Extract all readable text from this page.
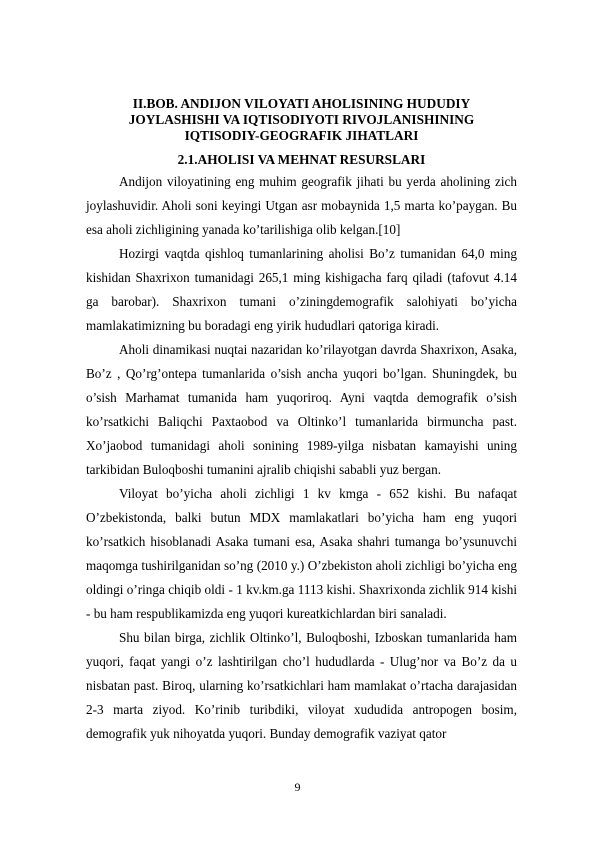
II.BOB. ANDIJON VILOYATI AHOLISINING HUDUDIY JOYLASHISHI VA IQTISODIYOTI RIVOJLANISHINING IQTISODIY-GEOGRAFIK JIHATLARI
2.1.AHOLISI VA MEHNAT RESURSLARI

Andijon viloyatining eng muhim geografik jihati bu yerda aholining zich joylashuvidir. Aholi soni keyingi Utgan asr mobaynida 1,5 marta ko’paygan. Bu esa aholi zichligining yanada ko’tarilishiga olib kelgan.[10]

Hozirgi vaqtda qishloq tumanlarining aholisi Bo’z tumanidan 64,0 ming kishidan Shaxrixon tumanidagi 265,1 ming kishigacha farq qiladi (tafovut 4.14 ga barobar). Shaxrixon tumani o’ziningdemografik salohiyati bo’yicha mamlakatimizning bu boradagi eng yirik hududlari qatoriga kiradi.

Aholi dinamikasi nuqtai nazaridan ko’rilayotgan davrda Shaxrixon, Asaka, Bo’z , Qo’rg’ontepa tumanlarida o’sish ancha yuqori bo’lgan. Shuningdek, bu o’sish Marhamat tumanida ham yuqoriroq. Ayni vaqtda demografik o’sish ko’rsatkichi Baliqchi Paxtaobod va Oltinko’l tumanlarida birmuncha past. Xo’jaobod tumanidagi aholi sonining 1989-yilga nisbatan kamayishi uning tarkibidan Buloqboshi tumanini ajralib chiqishi sababli yuz bergan.

Viloyat bo’yicha aholi zichligi 1 kv kmga - 652 kishi. Bu nafaqat O’zbekistonda, balki butun MDX mamlakatlari bo’yicha ham eng yuqori ko’rsatkich hisoblanadi Asaka tumani esa, Asaka shahri tumanga bo’ysunuvchi maqomga tushirilganidan so’ng (2010 y.) O’zbekiston aholi zichligi bo’yicha eng oldingi o’ringa chiqib oldi - 1 kv.km.ga 1113 kishi. Shaxrixonda zichlik 914 kishi - bu ham respublikamizda eng yuqori kureatkichlardan biri sanaladi.

Shu bilan birga, zichlik Oltinko’l, Buloqboshi, Izboskan tumanlarida ham yuqori, faqat yangi o’z lashtirilgan cho’l hududlarda - Ulug’nor va Bo’z da u nisbatan past. Biroq, ularning ko’rsatkichlari ham mamlakat o’rtacha darajasidan 2-3 marta ziyod. Ko’rinib turibdiki, viloyat xududida antropogen bosim, demografik yuk nihoyatda yuqori. Bunday demografik vaziyat qator

9
